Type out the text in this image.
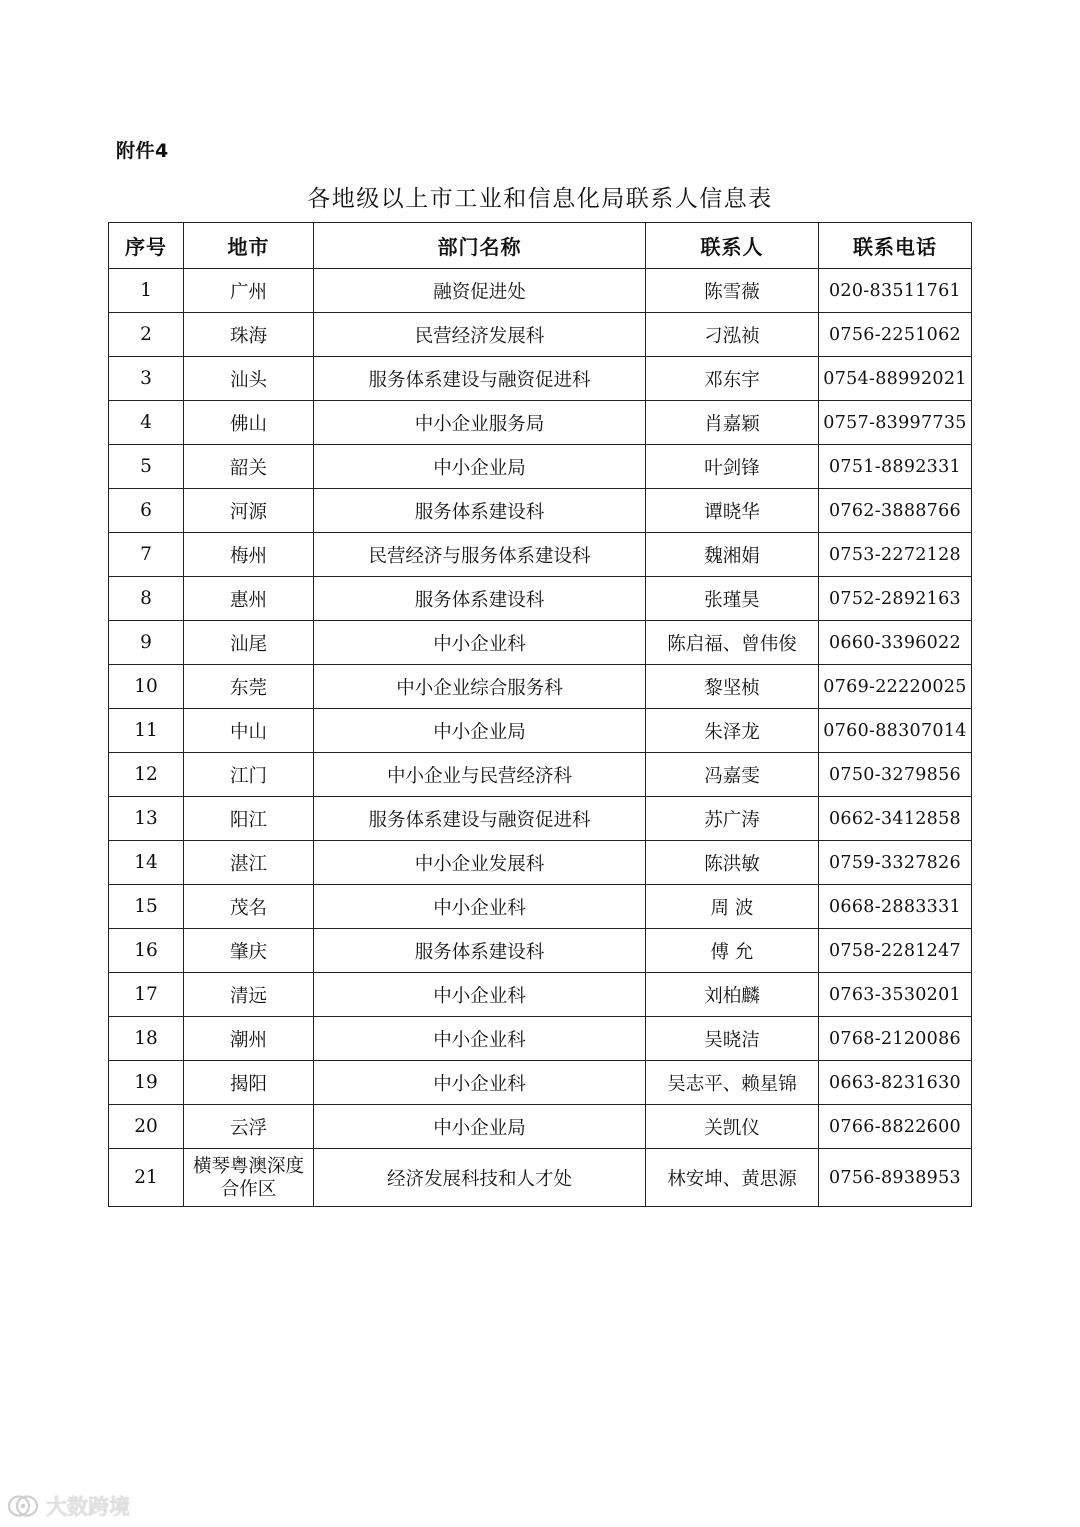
附件4
各地级以上市工业和信息化局联系人信息表
序号	地市	部门名称	联系人	联系电话
1	广州	融资促进处	陈雪薇	020-83511761
2	珠海	民营经济发展科	刁泓祯	0756-2251062
3	汕头	服务体系建设与融资促进科	邓东宇	0754-88992021
4	佛山	中小企业服务局	肖嘉颖	0757-83997735
5	韶关	中小企业局	叶剑锋	0751-8892331
6	河源	服务体系建设科	谭晓华	0762-3888766
7	梅州	民营经济与服务体系建设科	魏湘娟	0753-2272128
8	惠州	服务体系建设科	张瑾昊	0752-2892163
9	汕尾	中小企业科	陈启福、曾伟俊	0660-3396022
10	东莞	中小企业综合服务科	黎坚桢	0769-22220025
11	中山	中小企业局	朱泽龙	0760-88307014
12	江门	中小企业与民营经济科	冯嘉雯	0750-3279856
13	阳江	服务体系建设与融资促进科	苏广涛	0662-3412858
14	湛江	中小企业发展科	陈洪敏	0759-3327826
15	茂名	中小企业科	周 波	0668-2883331
16	肇庆	服务体系建设科	傅 允	0758-2281247
17	清远	中小企业科	刘柏麟	0763-3530201
18	潮州	中小企业科	吴晓洁	0768-2120086
19	揭阳	中小企业科	吴志平、赖星锦	0663-8231630
20	云浮	中小企业局	关凯仪	0766-8822600
21	横琴粤澳深度合作区	经济发展科技和人才处	林安坤、黄思源	0756-8938953
大数跨境
